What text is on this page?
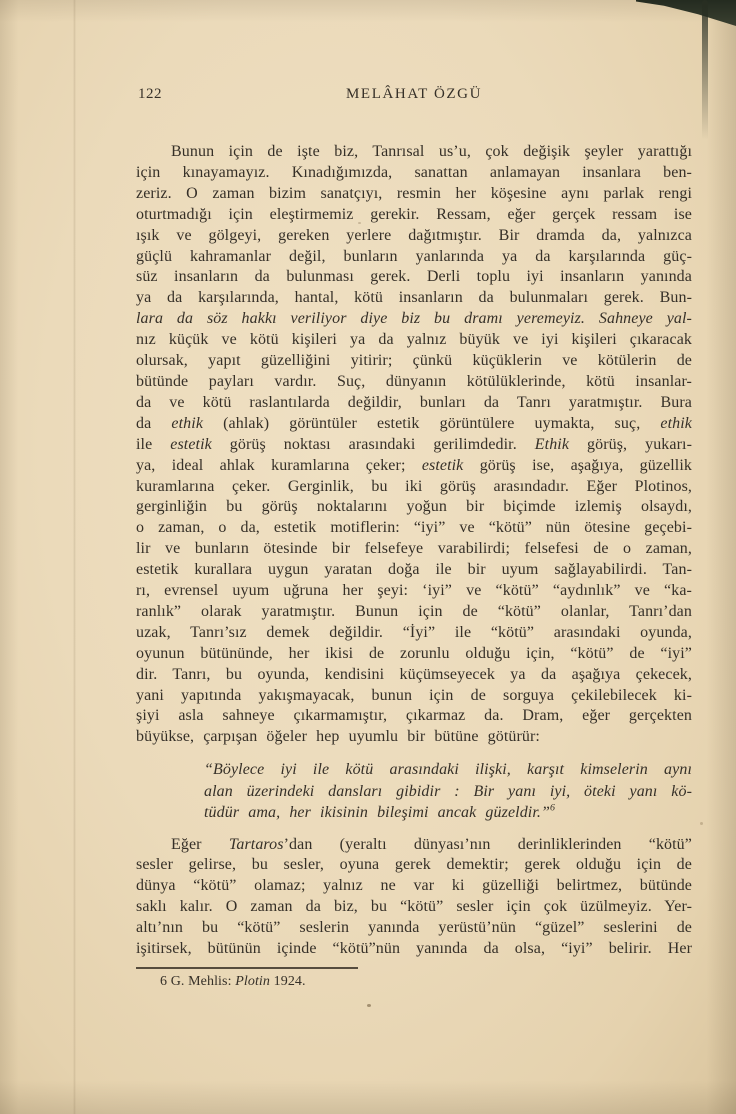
122	MELÂHAT ÖZGÜ
Bunun için de işte biz, Tanrısal us’u, çok değişik şeyler yarattığı
için kınayamayız. Kınadığımızda, sanattan anlamayan insanlara ben-
zeriz. O zaman bizim sanatçıyı, resmin her köşesine aynı parlak rengi
oturtmadığı için eleştirmemiz gerekir. Ressam, eğer gerçek ressam ise
ışık ve gölgeyi, gereken yerlere dağıtmıştır. Bir dramda da, yalnızca
güçlü kahramanlar değil, bunların yanlarında ya da karşılarında güç-
süz insanların da bulunması gerek. Derli toplu iyi insanların yanında
ya da karşılarında, hantal, kötü insanların da bulunmaları gerek. Bun-
lara da söz hakkı veriliyor diye biz bu dramı yeremeyiz. Sahneye yal-
nız küçük ve kötü kişileri ya da yalnız büyük ve iyi kişileri çıkaracak
olursak, yapıt güzelliğini yitirir; çünkü küçüklerin ve kötülerin de
bütünde payları vardır. Suç, dünyanın kötülüklerinde, kötü insanlar-
da ve kötü raslantılarda değildir, bunları da Tanrı yaratmıştır. Bura
da ethik (ahlak) görüntüler estetik görüntülere uymakta, suç, ethik
ile estetik görüş noktası arasındaki gerilimdedir. Ethik görüş, yukarı-
ya, ideal ahlak kuramlarına çeker; estetik görüş ise, aşağıya, güzellik
kuramlarına çeker. Gerginlik, bu iki görüş arasındadır. Eğer Plotinos,
gerginliğin bu görüş noktalarını yoğun bir biçimde izlemiş olsaydı,
o zaman, o da, estetik motiflerin: “iyi” ve “kötü” nün ötesine geçebi-
lir ve bunların ötesinde bir felsefeye varabilirdi; felsefesi de o zaman,
estetik kurallara uygun yaratan doğa ile bir uyum sağlayabilirdi. Tan-
rı, evrensel uyum uğruna her şeyi: ‘iyi” ve “kötü” “aydınlık” ve “ka-
ranlık” olarak yaratmıştır. Bunun için de “kötü” olanlar, Tanrı’dan
uzak, Tanrı’sız demek değildir. “İyi” ile “kötü” arasındaki oyunda,
oyunun bütününde, her ikisi de zorunlu olduğu için, “kötü” de “iyi”
dir. Tanrı, bu oyunda, kendisini küçümseyecek ya da aşağıya çekecek,
yani yapıtında yakışmayacak, bunun için de sorguya çekilebilecek ki-
şiyi asla sahneye çıkarmamıştır, çıkarmaz da. Dram, eğer gerçekten
büyükse, çarpışan öğeler hep uyumlu bir bütüne götürür:
“Böylece iyi ile kötü arasındaki ilişki, karşıt kimselerin aynı
alan üzerindeki dansları gibidir : Bir yanı iyi, öteki yanı kö-
tüdür ama, her ikisinin bileşimi ancak güzeldir.”$^6$
Eğer Tartaros’dan (yeraltı dünyası’nın derinliklerinden “kötü”
sesler gelirse, bu sesler, oyuna gerek demektir; gerek olduğu için de
dünya “kötü” olamaz; yalnız ne var ki güzelliği belirtmez, bütünde
saklı kalır. O zaman da biz, bu “kötü” sesler için çok üzülmeyiz. Yer-
altı’nın bu “kötü” seslerin yanında yerüstü’nün “güzel” seslerini de
işitirsek, bütünün içinde “kötü”nün yanında da olsa, “iyi” belirir. Her
6 G. Mehlis: Plotin 1924.
